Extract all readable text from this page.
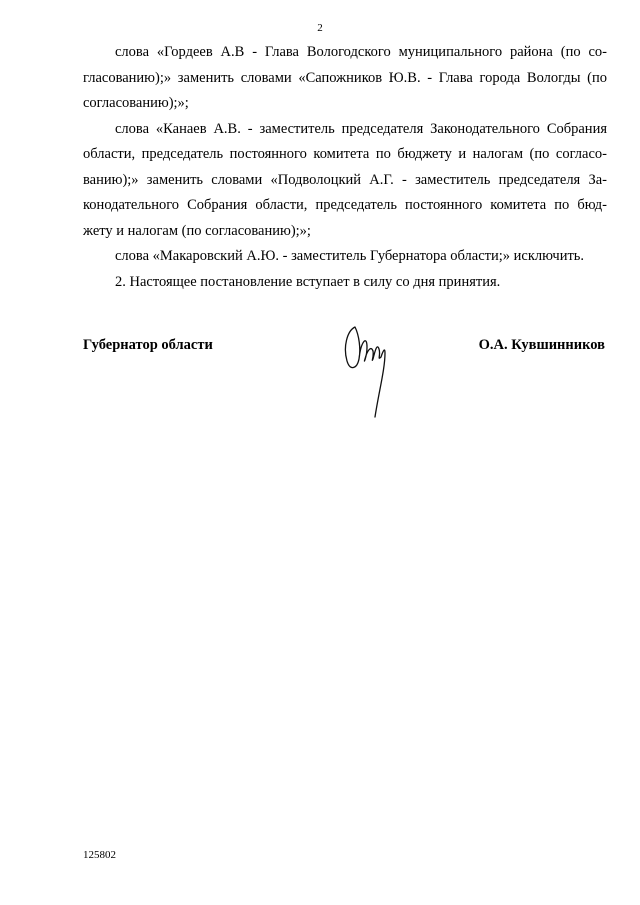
2
слова «Гордеев А.В - Глава Вологодского муниципального района (по со-
гласованию);» заменить словами «Сапожников Ю.В. - Глава города Вологды (по
согласованию);»;
слова «Канаев А.В. - заместитель председателя Законодательного Собрания
области, председатель постоянного комитета по бюджету и налогам (по согласо-
ванию);» заменить словами «Подволоцкий А.Г. - заместитель председателя За-
конодательного Собрания области, председатель постоянного комитета по бюд-
жету и налогам (по согласованию);»;
слова «Макаровский А.Ю. - заместитель Губернатора области;» исключить.
2. Настоящее постановление вступает в силу со дня принятия.
Губернатор области	О.А. Кувшинников
125802
